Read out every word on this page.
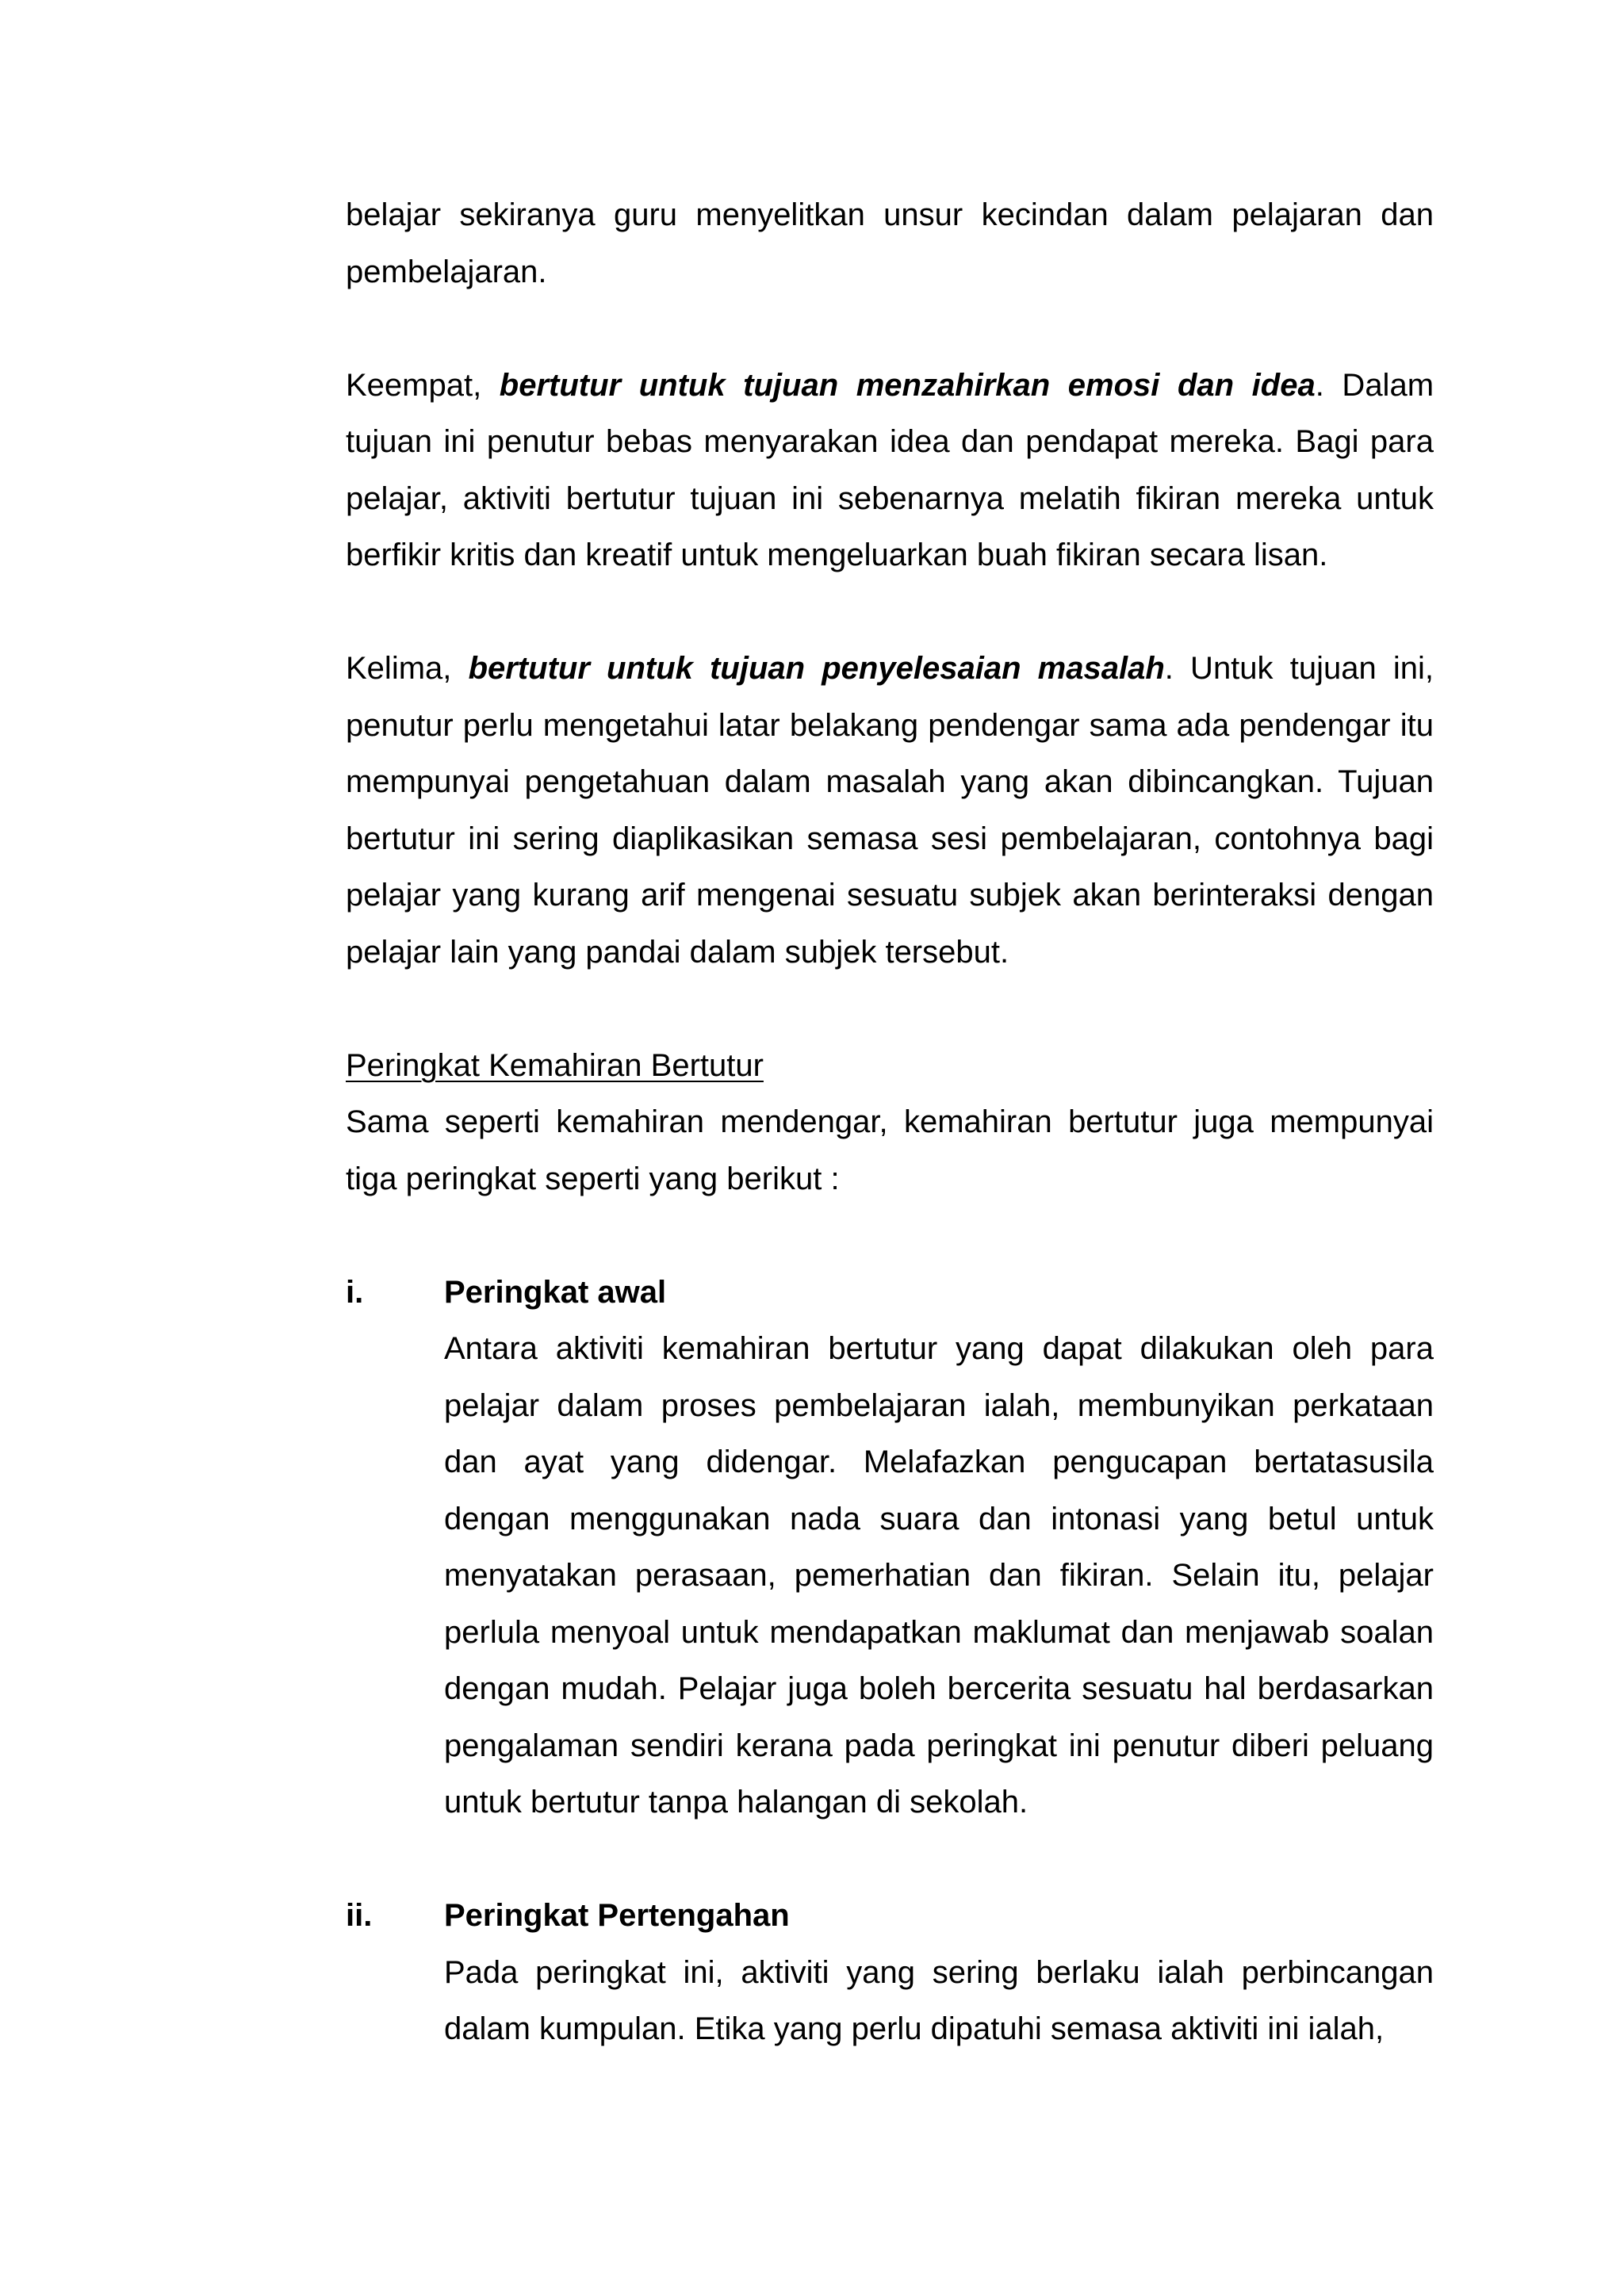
belajar sekiranya guru menyelitkan unsur kecindan dalam pelajaran dan pembelajaran.

Keempat, bertutur untuk tujuan menzahirkan emosi dan idea. Dalam tujuan ini penutur bebas menyarakan idea dan pendapat mereka. Bagi para pelajar, aktiviti bertutur tujuan ini sebenarnya melatih fikiran mereka untuk berfikir kritis dan kreatif untuk mengeluarkan buah fikiran secara lisan.

Kelima, bertutur untuk tujuan penyelesaian masalah. Untuk tujuan ini, penutur perlu mengetahui latar belakang pendengar sama ada pendengar itu mempunyai pengetahuan dalam masalah yang akan dibincangkan. Tujuan bertutur ini sering diaplikasikan semasa sesi pembelajaran, contohnya bagi pelajar yang kurang arif mengenai sesuatu subjek akan berinteraksi dengan pelajar lain yang pandai dalam subjek tersebut.

Peringkat Kemahiran Bertutur

Sama seperti kemahiran mendengar, kemahiran bertutur juga mempunyai tiga peringkat seperti yang berikut :

i.	Peringkat awal

Antara aktiviti kemahiran bertutur yang dapat dilakukan oleh para pelajar dalam proses pembelajaran ialah, membunyikan perkataan dan ayat yang didengar. Melafazkan pengucapan bertatasusila dengan menggunakan nada suara dan intonasi yang betul untuk menyatakan perasaan, pemerhatian dan fikiran. Selain itu, pelajar perlula menyoal untuk mendapatkan maklumat dan menjawab soalan dengan mudah. Pelajar juga boleh bercerita sesuatu hal berdasarkan pengalaman sendiri kerana pada peringkat ini penutur diberi peluang untuk bertutur tanpa halangan di sekolah.

ii. Peringkat Pertengahan

Pada peringkat ini, aktiviti yang sering berlaku ialah perbincangan dalam kumpulan. Etika yang perlu dipatuhi semasa aktiviti ini ialah,
